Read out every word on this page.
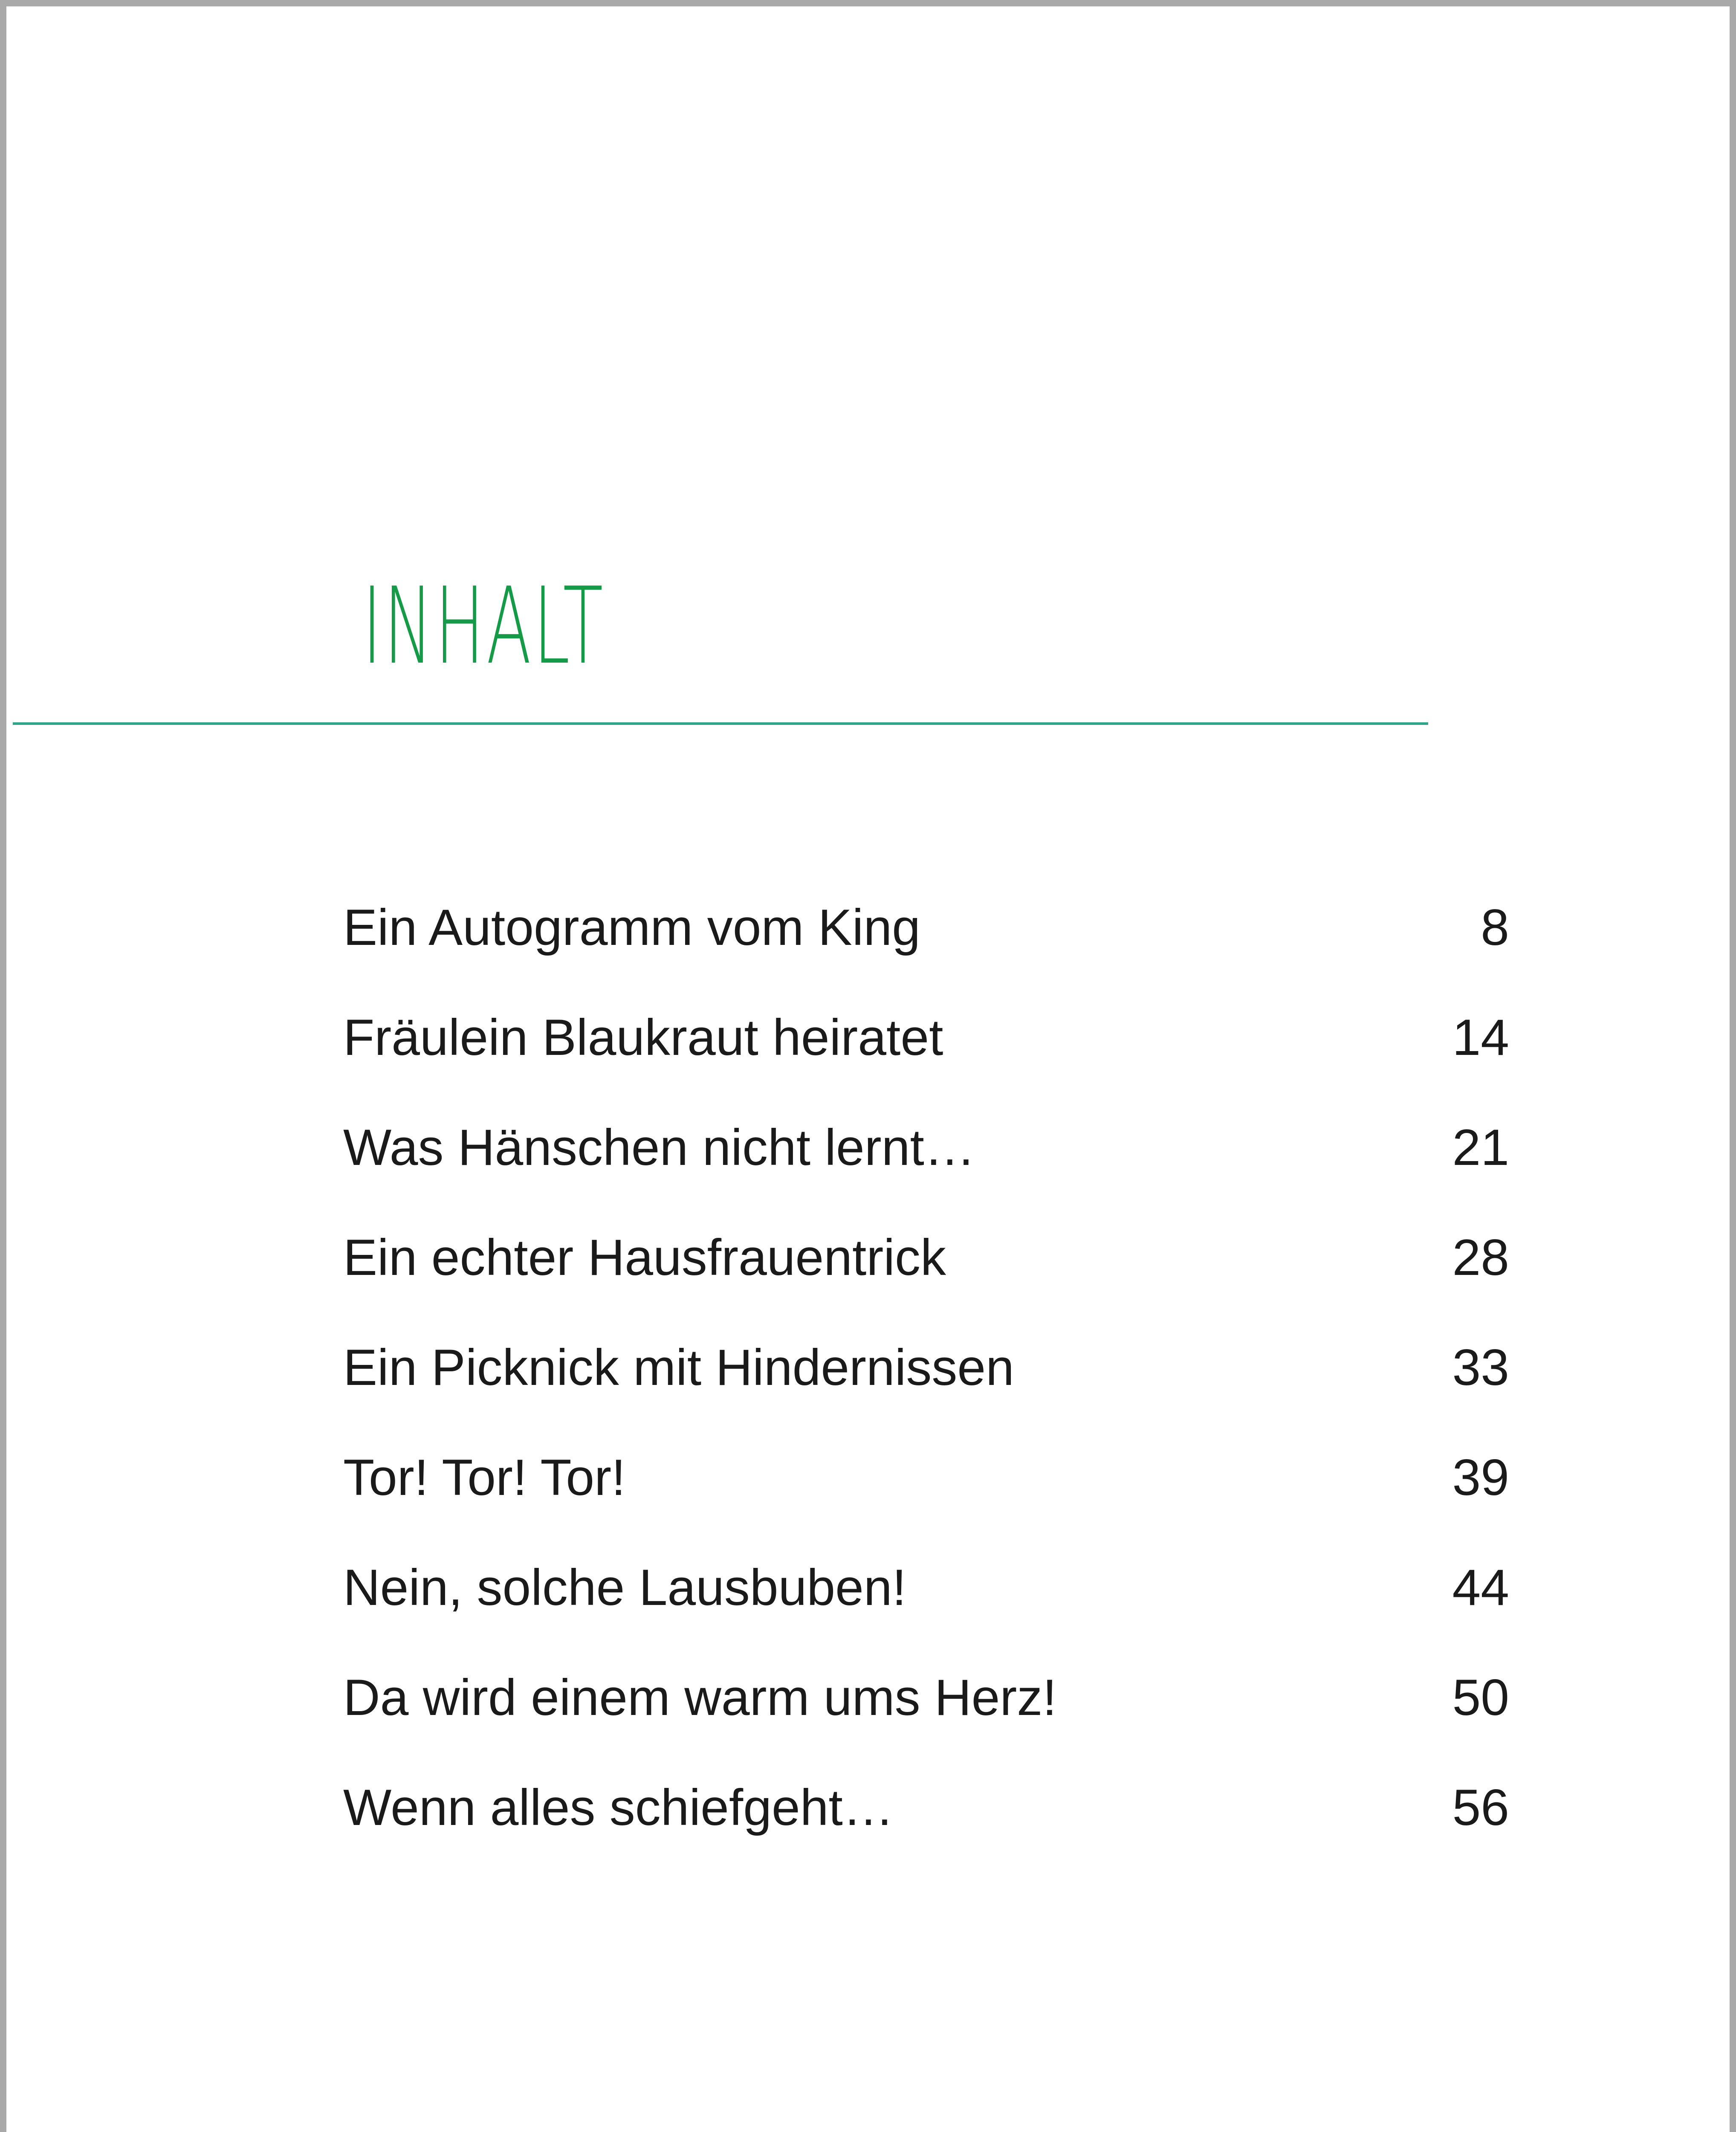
INHALT
Ein Autogramm vom King	8
Fräulein Blaukraut heiratet	14
Was Hänschen nicht lernt…	21
Ein echter Hausfrauentrick	28
Ein Picknick mit Hindernissen	33
Tor! Tor! Tor!	39
Nein, solche Lausbuben!	44
Da wird einem warm ums Herz!	50
Wenn alles schiefgeht…	56
